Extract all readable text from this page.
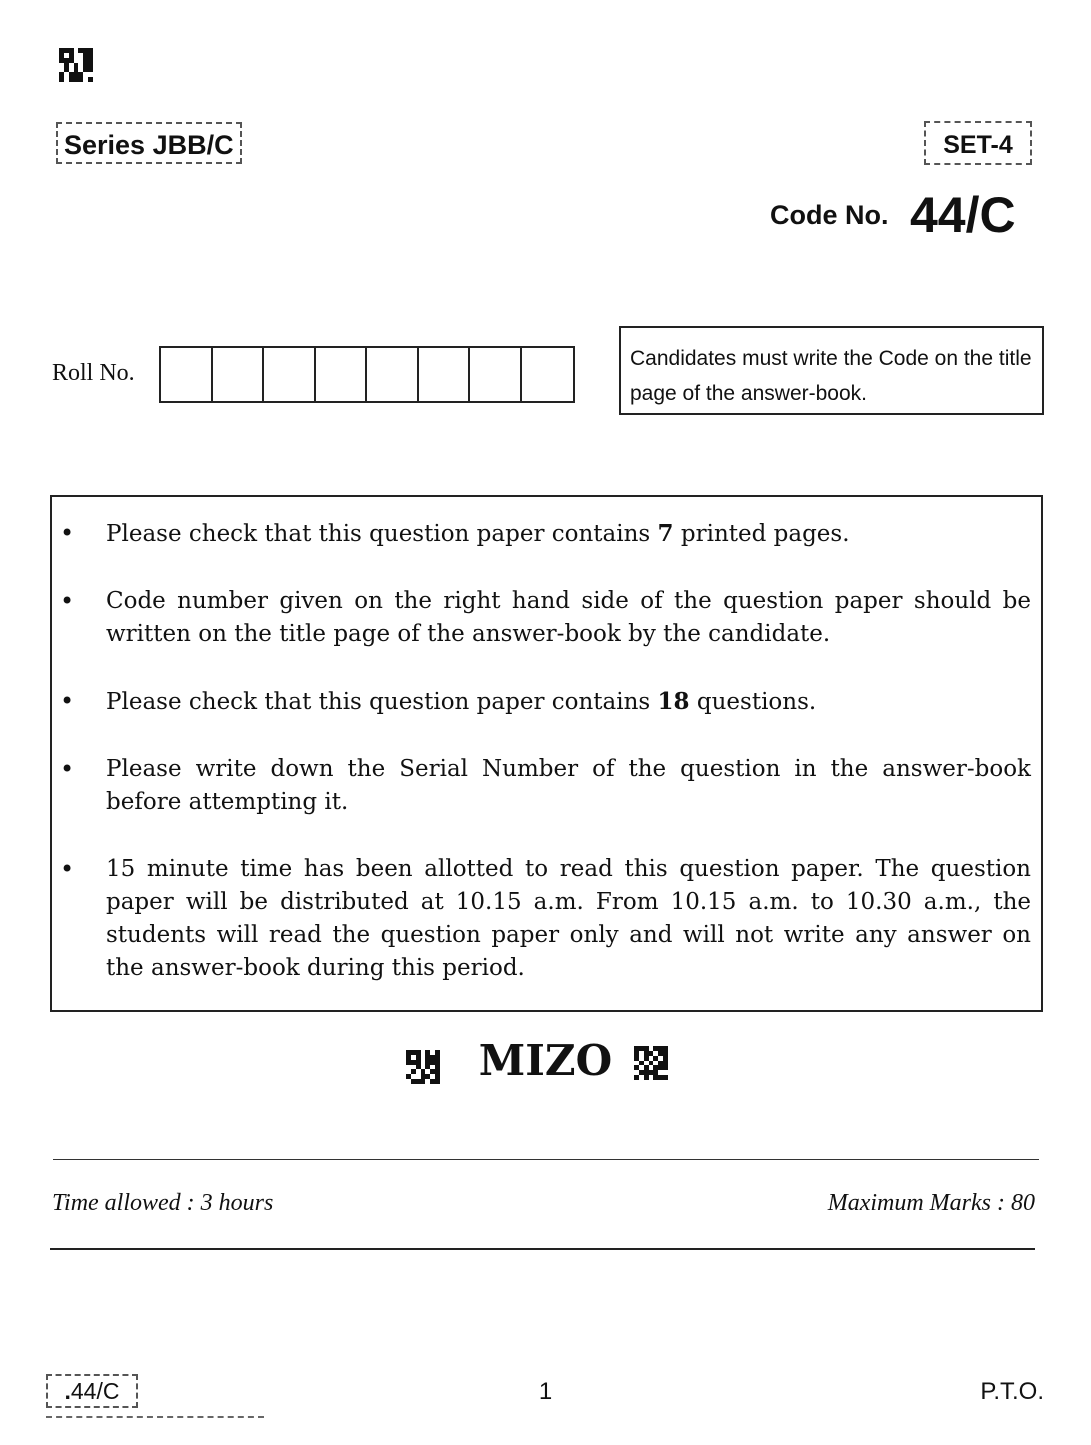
Series JBB/C	SET-4
Code No. 44/C
Roll No.
Candidates must write the Code on the title page of the answer-book.
• Please check that this question paper contains 7 printed pages.
• Code number given on the right hand side of the question paper should be written on the title page of the answer-book by the candidate.
• Please check that this question paper contains 18 questions.
• Please write down the Serial Number of the question in the answer-book before attempting it.
• 15 minute time has been allotted to read this question paper. The question paper will be distributed at 10.15 a.m. From 10.15 a.m. to 10.30 a.m., the students will read the question paper only and will not write any answer on the answer-book during this period.
MIZO
Time allowed : 3 hours	Maximum Marks : 80
.44/C	1	P.T.O.
